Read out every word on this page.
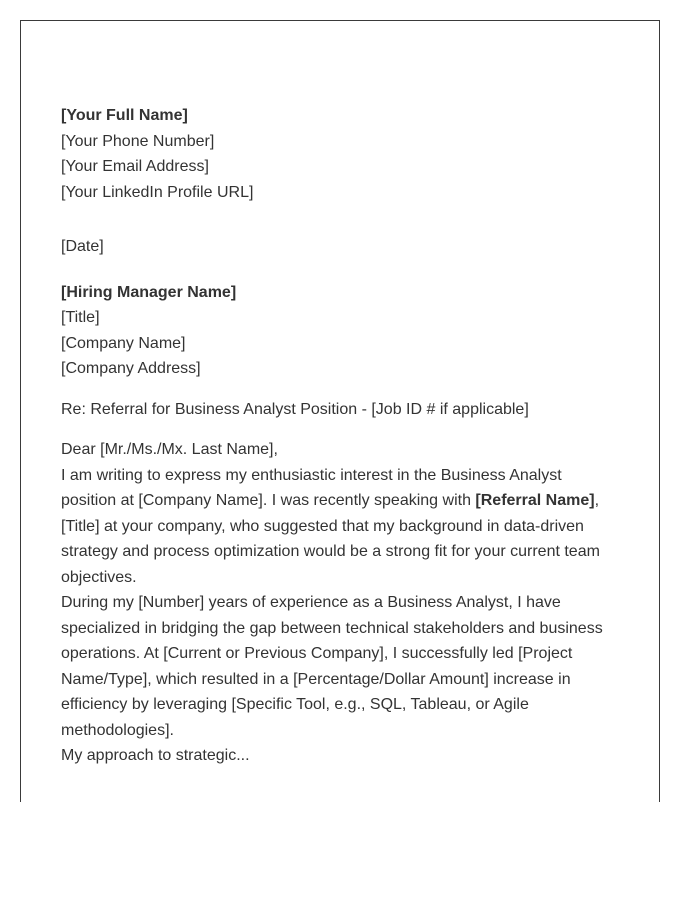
[Your Full Name]
[Your Phone Number]
[Your Email Address]
[Your LinkedIn Profile URL]
[Date]
[Hiring Manager Name]
[Title]
[Company Name]
[Company Address]
Re: Referral for Business Analyst Position - [Job ID # if applicable]
Dear [Mr./Ms./Mx. Last Name],

I am writing to express my enthusiastic interest in the Business Analyst position at [Company Name]. I was recently speaking with [Referral Name], [Title] at your company, who suggested that my background in data-driven strategy and process optimization would be a strong fit for your current team objectives.

During my [Number] years of experience as a Business Analyst, I have specialized in bridging the gap between technical stakeholders and business operations. At [Current or Previous Company], I successfully led [Project Name/Type], which resulted in a [Percentage/Dollar Amount] increase in efficiency by leveraging [Specific Tool, e.g., SQL, Tableau, or Agile methodologies].

My approach to strategic...
